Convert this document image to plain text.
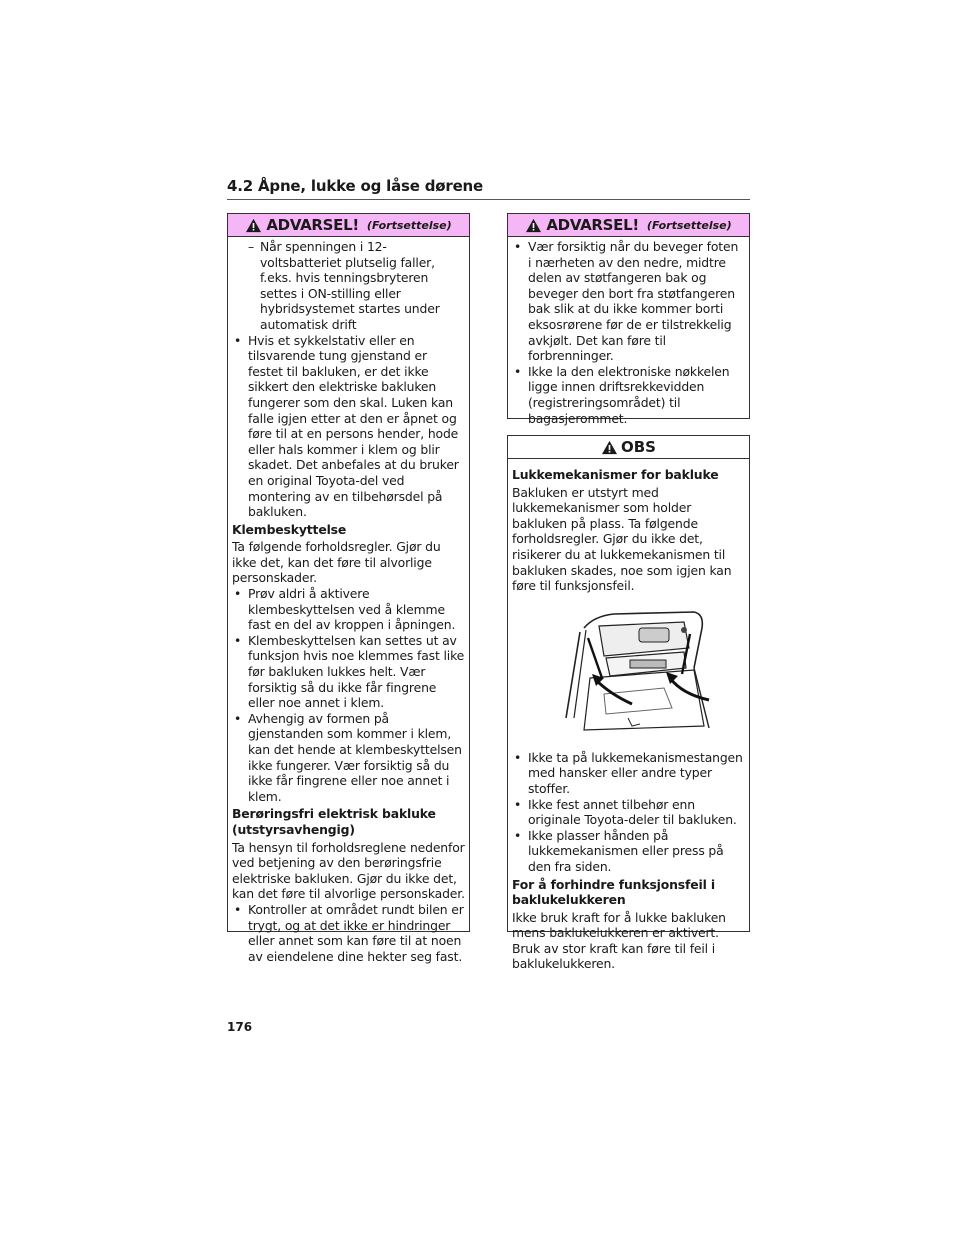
4.2 Åpne, lukke og låse dørene
ADVARSEL! (Fortsettelse)
– Når spenningen i 12-voltsbatteriet plutselig faller, f.eks. hvis tenningsbryteren settes i ON-stilling eller hybridsystemet startes under automatisk drift
• Hvis et sykkelstativ eller en tilsvarende tung gjenstand er festet til bakluken, er det ikke sikkert den elektriske bakluken fungerer som den skal. Luken kan falle igjen etter at den er åpnet og føre til at en persons hender, hode eller hals kommer i klem og blir skadet. Det anbefales at du bruker en original Toyota-del ved montering av en tilbehørsdel på bakluken.

Klembeskyttelse

Ta følgende forholdsregler. Gjør du ikke det, kan det føre til alvorlige personskader.

• Prøv aldri å aktivere klembeskyttelsen ved å klemme fast en del av kroppen i åpningen.
• Klembeskyttelsen kan settes ut av funksjon hvis noe klemmes fast like før bakluken lukkes helt. Vær forsiktig så du ikke får fingrene eller noe annet i klem.
• Avhengig av formen på gjenstanden som kommer i klem, kan det hende at klembeskyttelsen ikke fungerer. Vær forsiktig så du ikke får fingrene eller noe annet i klem.

Berøringsfri elektrisk bakluke (utstyrsavhengig)

Ta hensyn til forholdsreglene nedenfor ved betjening av den berøringsfrie elektriske bakluken. Gjør du ikke det, kan det føre til alvorlige personskader.

• Kontroller at området rundt bilen er trygt, og at det ikke er hindringer eller annet som kan føre til at noen av eiendelene dine hekter seg fast.
ADVARSEL! (Fortsettelse)
• Vær forsiktig når du beveger foten i nærheten av den nedre, midtre delen av støtfangeren bak og beveger den bort fra støtfangeren bak slik at du ikke kommer borti eksosrørene før de er tilstrekkelig avkjølt. Det kan føre til forbrenninger.
• Ikke la den elektroniske nøkkelen ligge innen driftsrekkevidden (registreringsområdet) til bagasjerommet.
OBS

Lukkemekanismer for bakluke

Bakluken er utstyrt med lukkemekanismer som holder bakluken på plass. Ta følgende forholdsregler. Gjør du ikke det, risikerer du at lukkemekanismen til bakluken skades, noe som igjen kan føre til funksjonsfeil.

• Ikke ta på lukkemekanismestangen med hansker eller andre typer stoffer.
• Ikke fest annet tilbehør enn originale Toyota-deler til bakluken.
• Ikke plasser hånden på lukkemekanismen eller press på den fra siden.

For å forhindre funksjonsfeil i baklukelukkeren

Ikke bruk kraft for å lukke bakluken mens baklukelukkeren er aktivert. Bruk av stor kraft kan føre til feil i baklukelukkeren.

176
